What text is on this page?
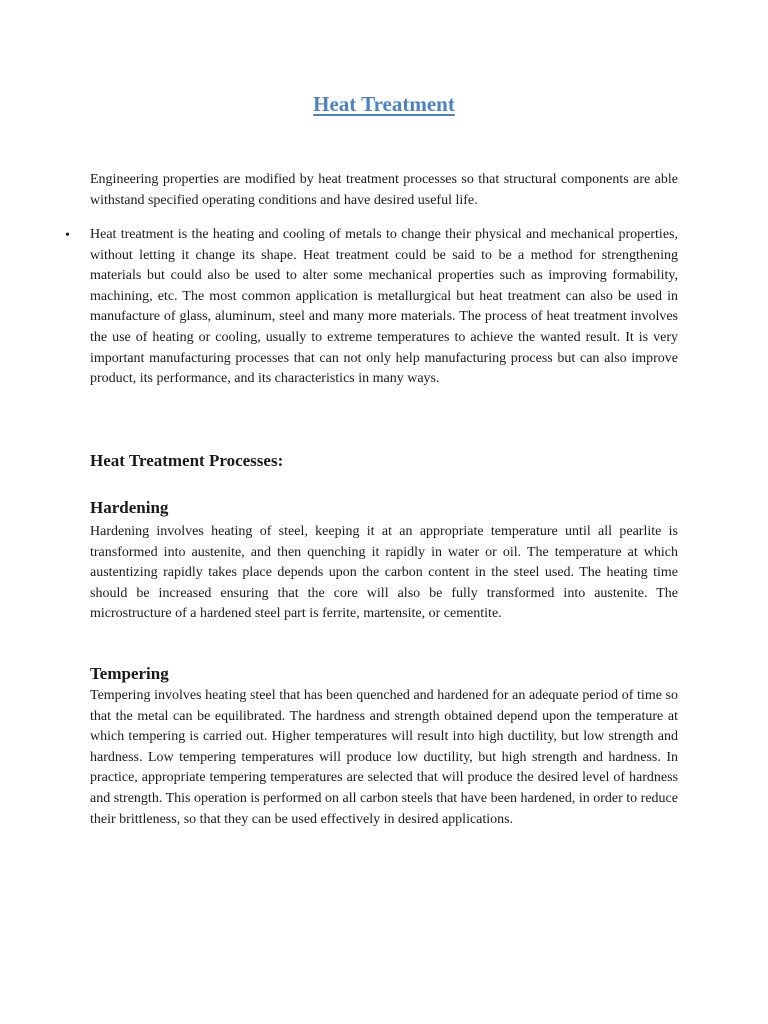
Heat Treatment

Engineering properties are modified by heat treatment processes so that structural components are able withstand specified operating conditions and have desired useful life.

• Heat treatment is the heating and cooling of metals to change their physical and mechanical properties, without letting it change its shape. Heat treatment could be said to be a method for strengthening materials but could also be used to alter some mechanical properties such as improving formability, machining, etc. The most common application is metallurgical but heat treatment can also be used in manufacture of glass, aluminum, steel and many more materials. The process of heat treatment involves the use of heating or cooling, usually to extreme temperatures to achieve the wanted result. It is very important manufacturing processes that can not only help manufacturing process but can also improve product, its performance, and its characteristics in many ways.

Heat Treatment Processes:
Hardening

Hardening involves heating of steel, keeping it at an appropriate temperature until all pearlite is transformed into austenite, and then quenching it rapidly in water or oil. The temperature at which austentizing rapidly takes place depends upon the carbon content in the steel used. The heating time should be increased ensuring that the core will also be fully transformed into austenite. The microstructure of a hardened steel part is ferrite, martensite, or cementite.

Tempering

Tempering involves heating steel that has been quenched and hardened for an adequate period of time so that the metal can be equilibrated. The hardness and strength obtained depend upon the temperature at which tempering is carried out. Higher temperatures will result into high ductility, but low strength and hardness. Low tempering temperatures will produce low ductility, but high strength and hardness. In practice, appropriate tempering temperatures are selected that will produce the desired level of hardness and strength. This operation is performed on all carbon steels that have been hardened, in order to reduce their brittleness, so that they can be used effectively in desired applications.
